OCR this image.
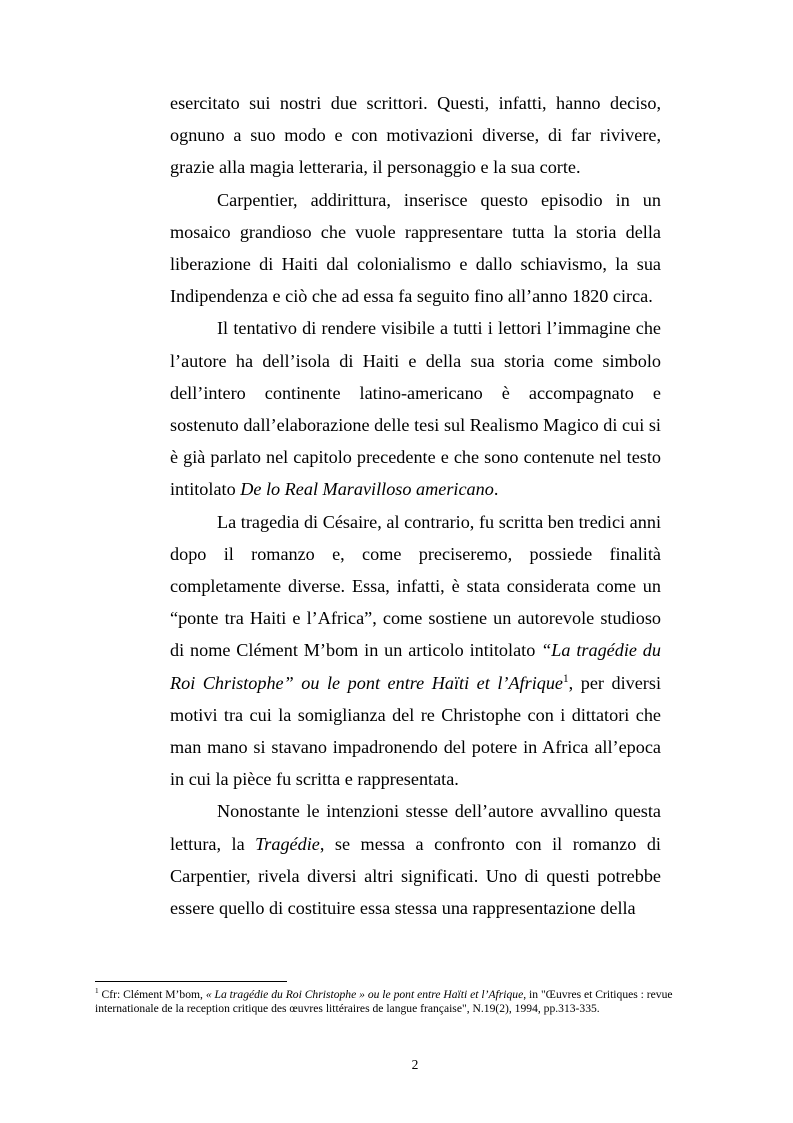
esercitato sui nostri due scrittori. Questi, infatti, hanno deciso, ognuno a suo modo e con motivazioni diverse, di far rivivere, grazie alla magia letteraria, il personaggio e la sua corte.

Carpentier, addirittura, inserisce questo episodio in un mosaico grandioso che vuole rappresentare tutta la storia della liberazione di Haiti dal colonialismo e dallo schiavismo, la sua Indipendenza e ciò che ad essa fa seguito fino all’anno 1820 circa.

Il tentativo di rendere visibile a tutti i lettori l’immagine che l’autore ha dell’isola di Haiti e della sua storia come simbolo dell’intero continente latino-americano è accompagnato e sostenuto dall’elaborazione delle tesi sul Realismo Magico di cui si è già parlato nel capitolo precedente e che sono contenute nel testo intitolato De lo Real Maravilloso americano.

La tragedia di Césaire, al contrario, fu scritta ben tredici anni dopo il romanzo e, come preciseremo, possiede finalità completamente diverse. Essa, infatti, è stata considerata come un “ponte tra Haiti e l’Africa”, come sostiene un autorevole studioso di nome Clément M’bom in un articolo intitolato “La tragédie du Roi Christophe” ou le pont entre Haïti et l’Afrique$^1$, per diversi motivi tra cui la somiglianza del re Christophe con i dittatori che man mano si stavano impadronendo del potere in Africa all’epoca in cui la pièce fu scritta e rappresentata.

Nonostante le intenzioni stesse dell’autore avvallino questa lettura, la Tragédie, se messa a confronto con il romanzo di Carpentier, rivela diversi altri significati. Uno di questi potrebbe essere quello di costituire essa stessa una rappresentazione della

$^1$ Cfr: Clément M’bom, « La tragédie du Roi Christophe » ou le pont entre Haïti et l’Afrique, in "Œuvres et Critiques : revue internationale de la reception critique des œuvres littéraires de langue française", N.19(2), 1994, pp.313-335.
2
